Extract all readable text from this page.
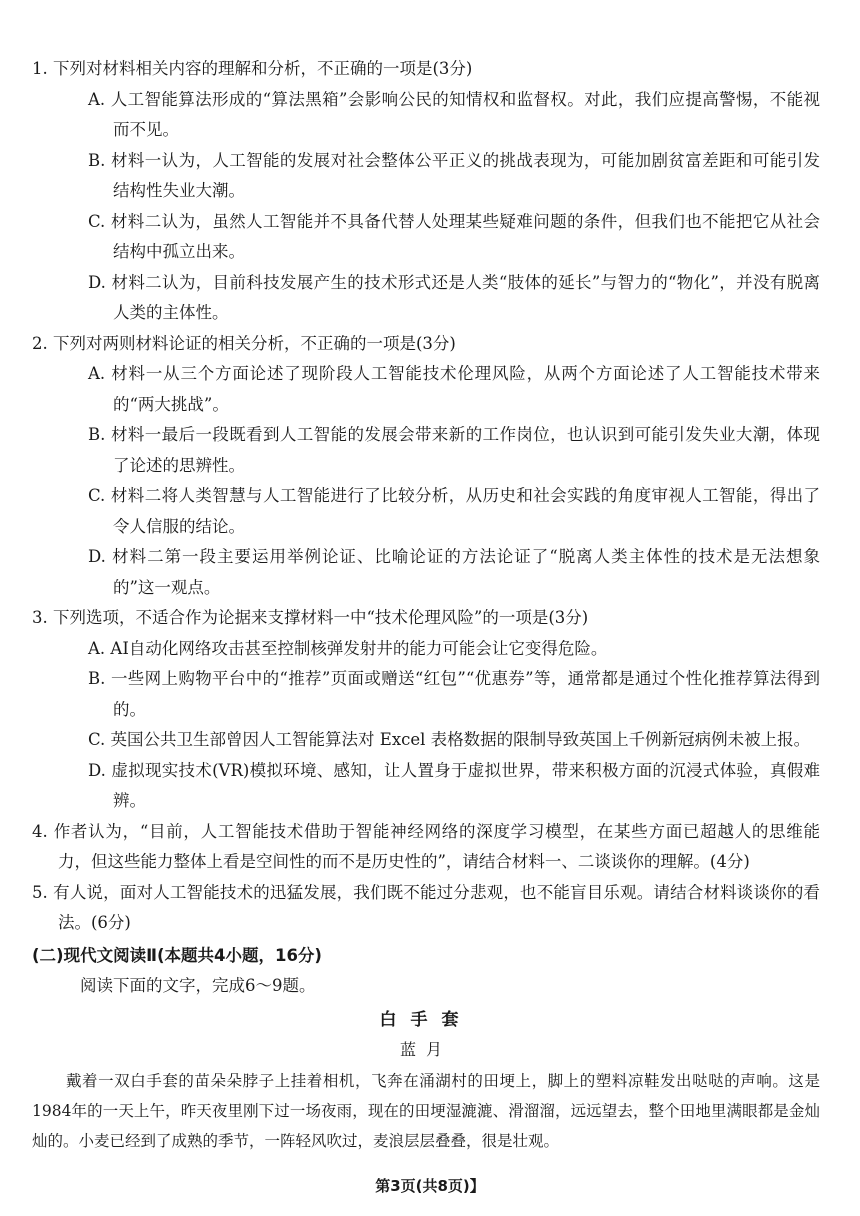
1. 下列对材料相关内容的理解和分析，不正确的一项是(3分)

A. 人工智能算法形成的“算法黑箱”会影响公民的知情权和监督权。对此，我们应提高警惕，不能视而不见。
B. 材料一认为，人工智能的发展对社会整体公平正义的挑战表现为，可能加剧贫富差距和可能引发结构性失业大潮。
C. 材料二认为，虽然人工智能并不具备代替人处理某些疑难问题的条件，但我们也不能把它从社会结构中孤立出来。
D. 材料二认为，目前科技发展产生的技术形式还是人类“肢体的延长”与智力的“物化”，并没有脱离人类的主体性。

2. 下列对两则材料论证的相关分析，不正确的一项是(3分)

A. 材料一从三个方面论述了现阶段人工智能技术伦理风险，从两个方面论述了人工智能技术带来的“两大挑战”。
B. 材料一最后一段既看到人工智能的发展会带来新的工作岗位，也认识到可能引发失业大潮，体现了论述的思辨性。
C. 材料二将人类智慧与人工智能进行了比较分析，从历史和社会实践的角度审视人工智能，得出了令人信服的结论。
D. 材料二第一段主要运用举例论证、比喻论证的方法论证了“脱离人类主体性的技术是无法想象的”这一观点。

3. 下列选项，不适合作为论据来支撑材料一中“技术伦理风险”的一项是(3分)

A. AI自动化网络攻击甚至控制核弹发射井的能力可能会让它变得危险。
B. 一些网上购物平台中的“推荐”页面或赠送“红包”“优惠券”等，通常都是通过个性化推荐算法得到的。
C. 英国公共卫生部曾因人工智能算法对 Excel 表格数据的限制导致英国上千例新冠病例未被上报。
D. 虚拟现实技术(VR)模拟环境、感知，让人置身于虚拟世界，带来积极方面的沉浸式体验，真假难辨。

4. 作者认为，“目前，人工智能技术借助于智能神经网络的深度学习模型，在某些方面已超越人的思维能力，但这些能力整体上看是空间性的而不是历史性的”，请结合材料一、二谈谈你的理解。(4分)

5. 有人说，面对人工智能技术的迅猛发展，我们既不能过分悲观，也不能盲目乐观。请结合材料谈谈你的看法。(6分)

(二)现代文阅读Ⅱ(本题共4小题，16分)
阅读下面的文字，完成6～9题。
白手套
蓝月

戴着一双白手套的苗朵朵脖子上挂着相机，飞奔在涌湖村的田埂上，脚上的塑料凉鞋发出哒哒的声响。这是1984年的一天上午，昨天夜里刚下过一场夜雨，现在的田埂湿漉漉、滑溜溜，远远望去，整个田地里满眼都是金灿灿的。小麦已经到了成熟的季节，一阵轻风吹过，麦浪层层叠叠，很是壮观。

第3页(共8页)】
